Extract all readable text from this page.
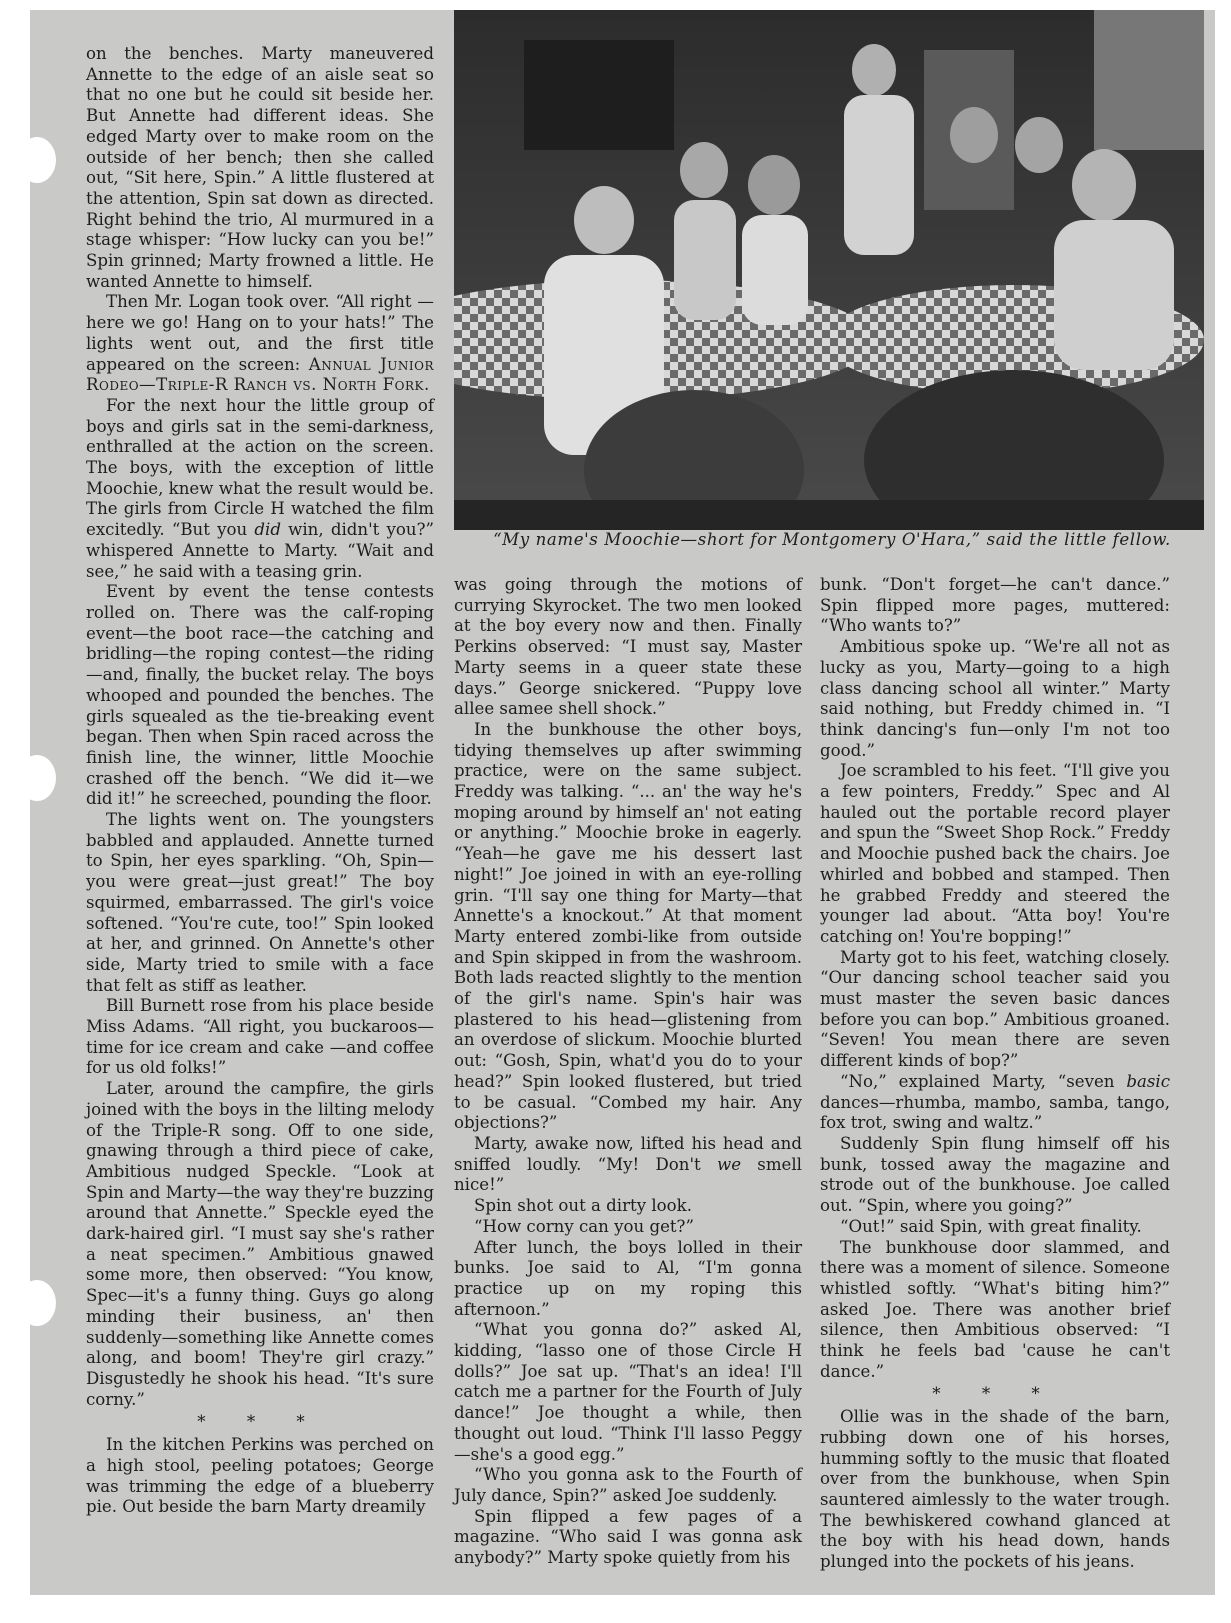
“My name's Moochie—short for Montgomery O'Hara,” said the little fellow.

on the benches. Marty maneuvered Annette to the edge of an aisle seat so that no one but he could sit beside her. But Annette had different ideas. She edged Marty over to make room on the outside of her bench; then she called out, “Sit here, Spin.” A little flustered at the attention, Spin sat down as directed. Right behind the trio, Al murmured in a stage whisper: “How lucky can you be!” Spin grinned; Marty frowned a little. He wanted Annette to himself.

Then Mr. Logan took over. “All right —here we go! Hang on to your hats!” The lights went out, and the first title appeared on the screen: Annual Junior Rodeo—Triple-R Ranch vs. North Fork.

For the next hour the little group of boys and girls sat in the semi-darkness, enthralled at the action on the screen. The boys, with the exception of little Moochie, knew what the result would be. The girls from Circle H watched the film excitedly. “But you did win, didn't you?” whispered Annette to Marty. “Wait and see,” he said with a teasing grin.

Event by event the tense contests rolled on. There was the calf-roping event—the boot race—the catching and bridling—the roping contest—the riding —and, finally, the bucket relay. The boys whooped and pounded the benches. The girls squealed as the tie-breaking event began. Then when Spin raced across the finish line, the winner, little Moochie crashed off the bench. “We did it—we did it!” he screeched, pounding the floor.

The lights went on. The youngsters babbled and applauded. Annette turned to Spin, her eyes sparkling. “Oh, Spin— you were great—just great!” The boy squirmed, embarrassed. The girl's voice softened. “You're cute, too!” Spin looked at her, and grinned. On Annette's other side, Marty tried to smile with a face that felt as stiff as leather.

Bill Burnett rose from his place beside Miss Adams. “All right, you buckaroos—time for ice cream and cake —and coffee for us old folks!”

Later, around the campfire, the girls joined with the boys in the lilting melody of the Triple-R song. Off to one side, gnawing through a third piece of cake, Ambitious nudged Speckle. “Look at Spin and Marty—the way they're buzzing around that Annette.” Speckle eyed the dark-haired girl. “I must say she's rather a neat specimen.” Ambitious gnawed some more, then observed: “You know, Spec—it's a funny thing. Guys go along minding their business, an' then suddenly—something like Annette comes along, and boom! They're girl crazy.” Disgustedly he shook his head. “It's sure corny.”

* * *

In the kitchen Perkins was perched on a high stool, peeling potatoes; George was trimming the edge of a blueberry pie. Out beside the barn Marty dreamily

was going through the motions of currying Skyrocket. The two men looked at the boy every now and then. Finally Perkins observed: “I must say, Master Marty seems in a queer state these days.” George snickered. “Puppy love allee samee shell shock.”

In the bunkhouse the other boys, tidying themselves up after swimming practice, were on the same subject. Freddy was talking. “... an' the way he's moping around by himself an' not eating or anything.” Moochie broke in eagerly. “Yeah—he gave me his dessert last night!” Joe joined in with an eye-rolling grin. “I'll say one thing for Marty—that Annette's a knockout.” At that moment Marty entered zombi-like from outside and Spin skipped in from the washroom. Both lads reacted slightly to the mention of the girl's name. Spin's hair was plastered to his head—glistening from an overdose of slickum. Moochie blurted out: “Gosh, Spin, what'd you do to your head?” Spin looked flustered, but tried to be casual. “Combed my hair. Any objections?”

Marty, awake now, lifted his head and sniffed loudly. “My! Don't we smell nice!”

Spin shot out a dirty look.

“How corny can you get?”

After lunch, the boys lolled in their bunks. Joe said to Al, “I'm gonna practice up on my roping this afternoon.”

“What you gonna do?” asked Al, kidding, “lasso one of those Circle H dolls?” Joe sat up. “That's an idea! I'll catch me a partner for the Fourth of July dance!” Joe thought a while, then thought out loud. “Think I'll lasso Peggy—she's a good egg.”

“Who you gonna ask to the Fourth of July dance, Spin?” asked Joe suddenly.

Spin flipped a few pages of a magazine. “Who said I was gonna ask anybody?” Marty spoke quietly from his

bunk. “Don't forget—he can't dance.” Spin flipped more pages, muttered: “Who wants to?”

Ambitious spoke up. “We're all not as lucky as you, Marty—going to a high class dancing school all winter.” Marty said nothing, but Freddy chimed in. “I think dancing's fun—only I'm not too good.”

Joe scrambled to his feet. “I'll give you a few pointers, Freddy.” Spec and Al hauled out the portable record player and spun the “Sweet Shop Rock.” Freddy and Moochie pushed back the chairs. Joe whirled and bobbed and stamped. Then he grabbed Freddy and steered the younger lad about. “Atta boy! You're catching on! You're bopping!”

Marty got to his feet, watching closely. “Our dancing school teacher said you must master the seven basic dances before you can bop.” Ambitious groaned. “Seven! You mean there are seven different kinds of bop?”

“No,” explained Marty, “seven basic dances—rhumba, mambo, samba, tango, fox trot, swing and waltz.”

Suddenly Spin flung himself off his bunk, tossed away the magazine and strode out of the bunkhouse. Joe called out. “Spin, where you going?”

“Out!” said Spin, with great finality.

The bunkhouse door slammed, and there was a moment of silence. Someone whistled softly. “What's biting him?” asked Joe. There was another brief silence, then Ambitious observed: “I think he feels bad 'cause he can't dance.”

* * *

Ollie was in the shade of the barn, rubbing down one of his horses, humming softly to the music that floated over from the bunkhouse, when Spin sauntered aimlessly to the water trough. The bewhiskered cowhand glanced at the boy with his head down, hands plunged into the pockets of his jeans.
